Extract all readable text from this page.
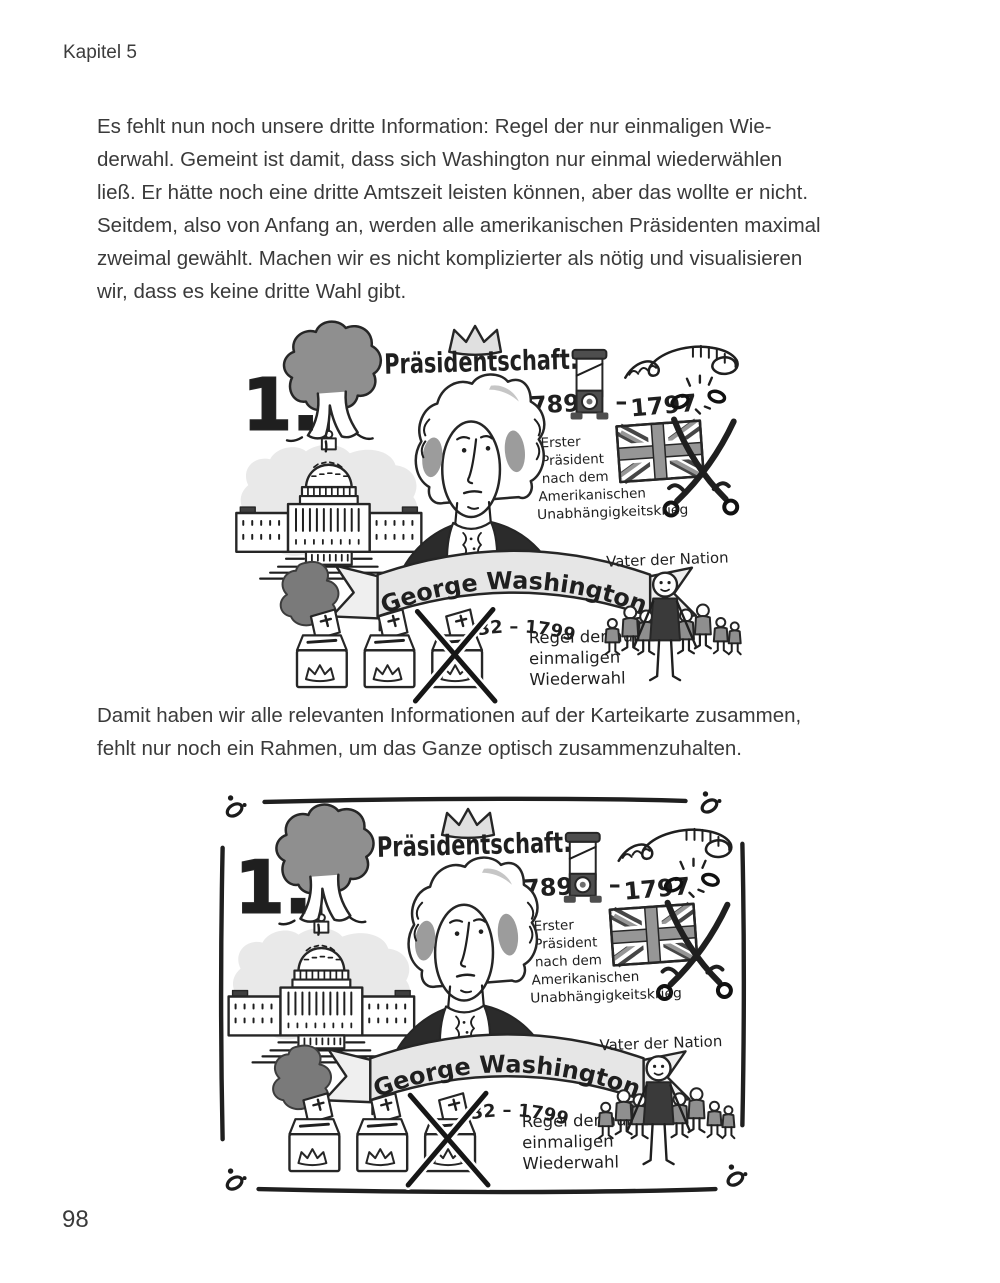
Kapitel 5
Es fehlt nun noch unsere dritte Information: Regel der nur einmaligen Wie-
derwahl. Gemeint ist damit, dass sich Washington nur einmal wiederwählen
ließ. Er hätte noch eine dritte Amtszeit leisten können, aber das wollte er nicht.
Seitdem, also von Anfang an, werden alle amerikanischen Präsidenten maximal
zweimal gewählt. Machen wir es nicht komplizierter als nötig und visualisieren
wir, dass es keine dritte Wahl gibt.
Damit haben wir alle relevanten Informationen auf der Karteikarte zusammen,
fehlt nur noch ein Rahmen, um das Ganze optisch zusammenzuhalten.
98
